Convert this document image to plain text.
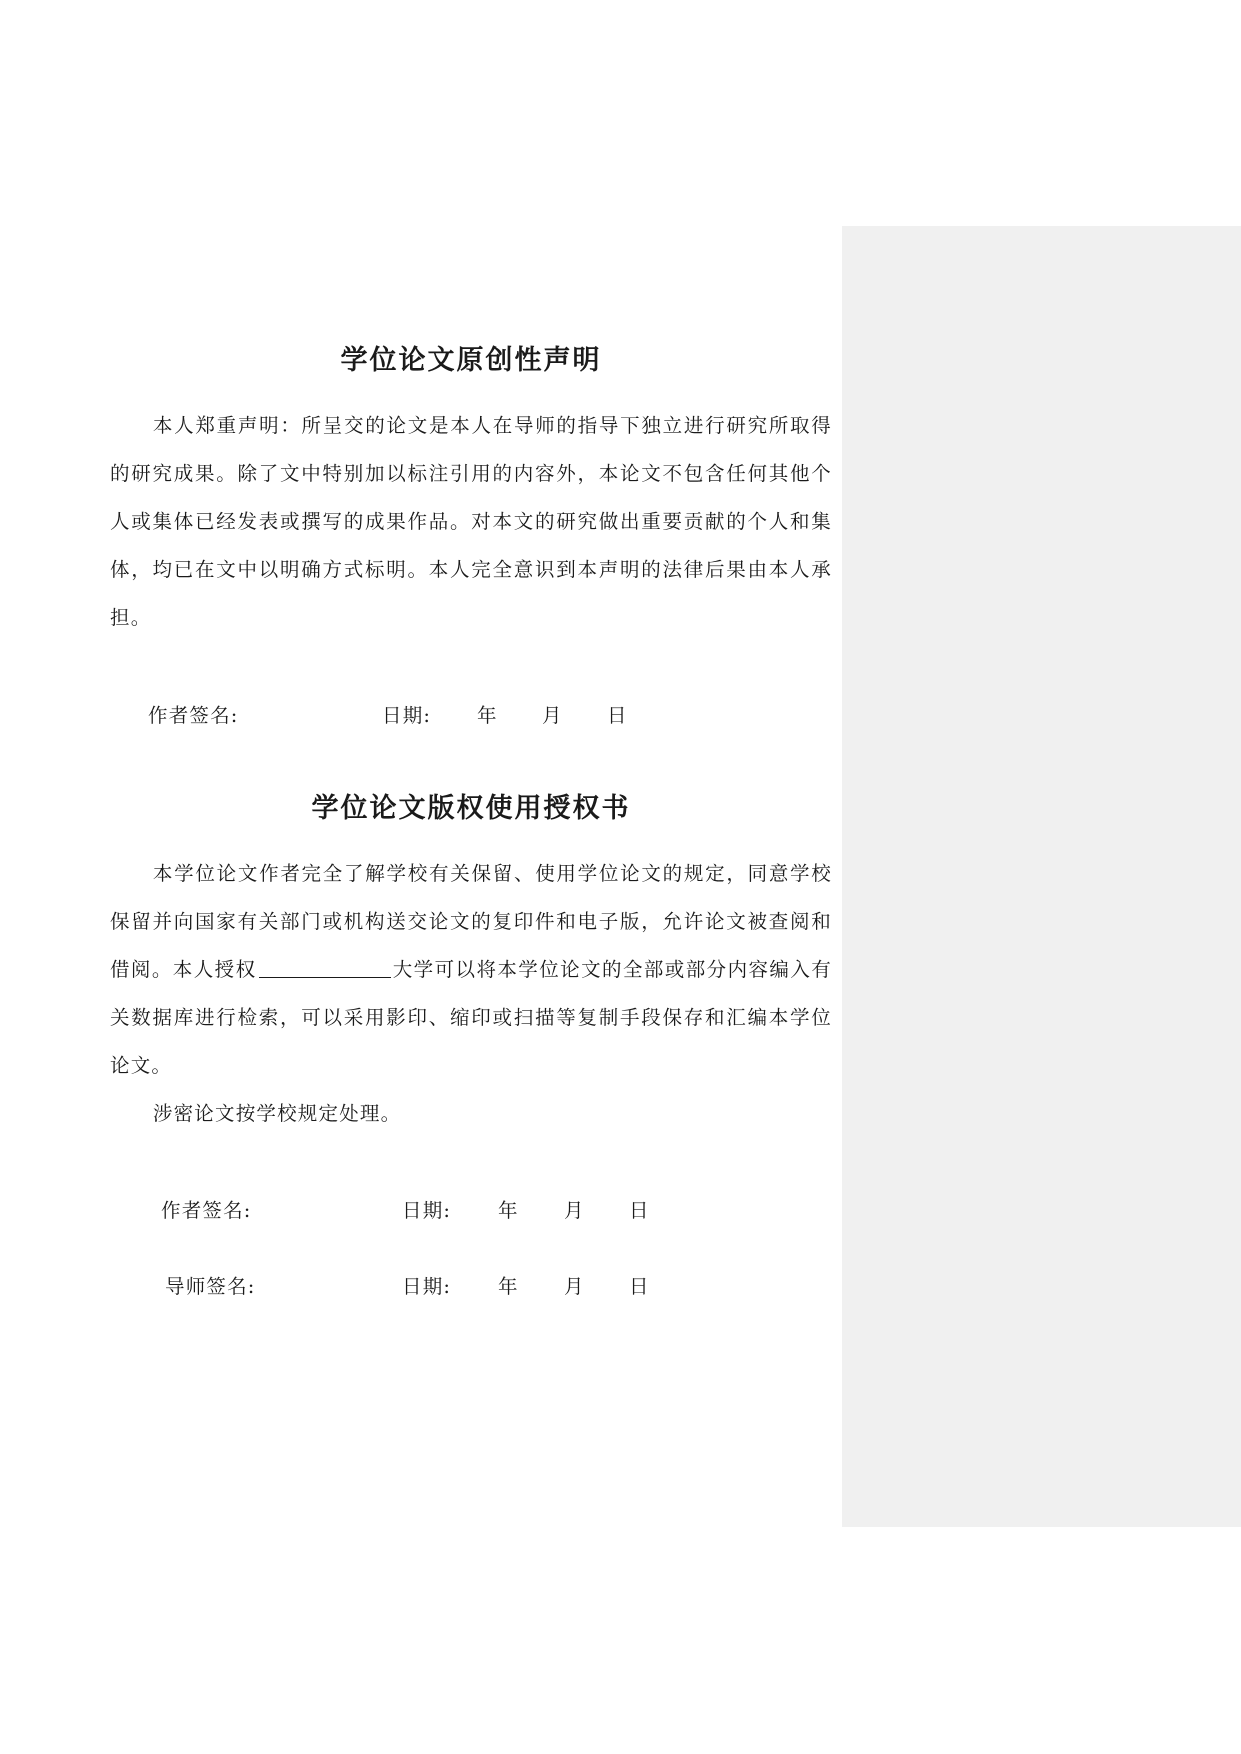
学位论文原创性声明

本人郑重声明：所呈交的论文是本人在导师的指导下独立进行研究所取得的研究成果。除了文中特别加以标注引用的内容外，本论文不包含任何其他个人或集体已经发表或撰写的成果作品。对本文的研究做出重要贡献的个人和集体，均已在文中以明确方式标明。本人完全意识到本声明的法律后果由本人承担。

作者签名:	日期: 年 月 日
学位论文版权使用授权书

本学位论文作者完全了解学校有关保留、使用学位论文的规定，同意学校保留并向国家有关部门或机构送交论文的复印件和电子版，允许论文被查阅和借阅。本人授权	大学可以将本学位论文的全部或部分内容编入有关数据库进行检索，可以采用影印、缩印或扫描等复制手段保存和汇编本学位论文。

涉密论文按学校规定处理。

作者签名:	日期: 年 月 日
导师签名:	日期: 年 月 日
